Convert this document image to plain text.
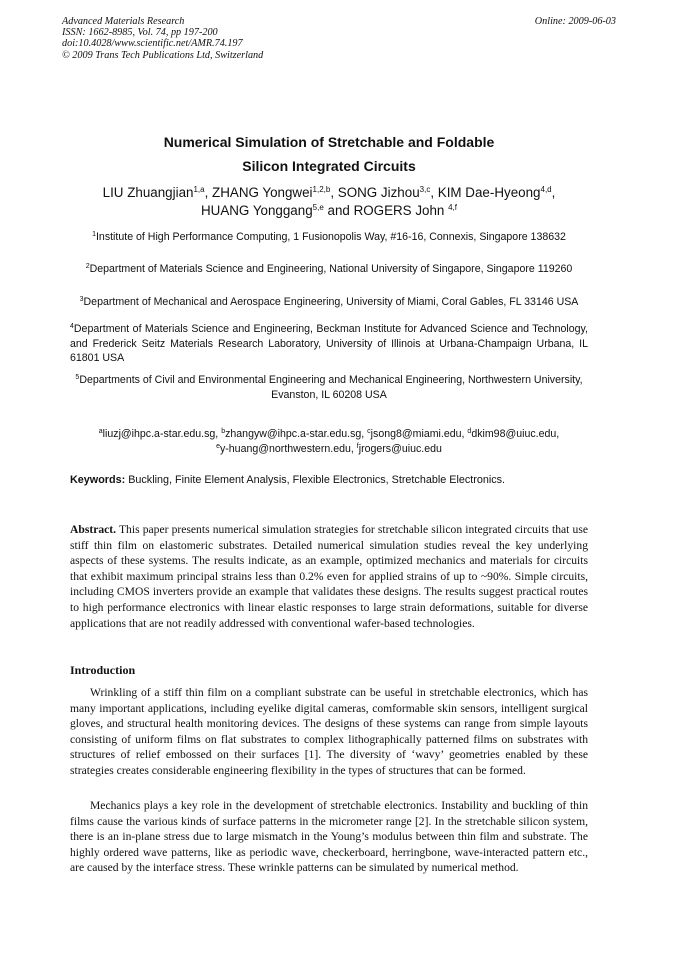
Advanced Materials Research
ISSN: 1662-8985, Vol. 74, pp 197-200
doi:10.4028/www.scientific.net/AMR.74.197
© 2009 Trans Tech Publications Ltd, Switzerland
Online: 2009-06-03
Numerical Simulation of Stretchable and Foldable
Silicon Integrated Circuits
LIU Zhuangjian$^{1,a}$, ZHANG Yongwei$^{1,2,b}$, SONG Jizhou$^{3,c}$, KIM Dae-Hyeong$^{4,d}$,
HUANG Yonggang$^{5,e}$ and ROGERS John $^{4,f}$
$^1$Institute of High Performance Computing, 1 Fusionopolis Way, #16-16, Connexis, Singapore 138632
$^2$Department of Materials Science and Engineering, National University of Singapore, Singapore 119260
$^3$Department of Mechanical and Aerospace Engineering, University of Miami, Coral Gables, FL 33146 USA
$^4$Department of Materials Science and Engineering, Beckman Institute for Advanced Science and Technology, and Frederick Seitz Materials Research Laboratory, University of Illinois at Urbana-Champaign Urbana, IL 61801 USA
$^5$Departments of Civil and Environmental Engineering and Mechanical Engineering, Northwestern University, Evanston, IL 60208 USA
$^a$liuzj@ihpc.a-star.edu.sg, $^b$zhangyw@ihpc.a-star.edu.sg, $^c$jsong8@miami.edu, $^d$dkim98@uiuc.edu,
$^e$y-huang@northwestern.edu, $^f$jrogers@uiuc.edu
Keywords: Buckling, Finite Element Analysis, Flexible Electronics, Stretchable Electronics.
Abstract. This paper presents numerical simulation strategies for stretchable silicon integrated circuits that use stiff thin film on elastomeric substrates. Detailed numerical simulation studies reveal the key underlying aspects of these systems. The results indicate, as an example, optimized mechanics and materials for circuits that exhibit maximum principal strains less than 0.2% even for applied strains of up to ~90%. Simple circuits, including CMOS inverters provide an example that validates these designs. The results suggest practical routes to high performance electronics with linear elastic responses to large strain deformations, suitable for diverse applications that are not readily addressed with conventional wafer-based technologies.
Introduction

Wrinkling of a stiff thin film on a compliant substrate can be useful in stretchable electronics, which has many important applications, including eyelike digital cameras, comformable skin sensors, intelligent surgical gloves, and structural health monitoring devices. The designs of these systems can range from simple layouts consisting of uniform films on flat substrates to complex lithographically patterned films on substrates with structures of relief embossed on their surfaces [1]. The diversity of ‘wavy’ geometries enabled by these strategies creates considerable engineering flexibility in the types of structures that can be formed.

Mechanics plays a key role in the development of stretchable electronics. Instability and buckling of thin films cause the various kinds of surface patterns in the micrometer range [2]. In the stretchable silicon system, there is an in-plane stress due to large mismatch in the Young’s modulus between thin film and substrate. The highly ordered wave patterns, like as periodic wave, checkerboard, herringbone, wave-interacted pattern etc., are caused by the interface stress. These wrinkle patterns can be simulated by numerical method.
